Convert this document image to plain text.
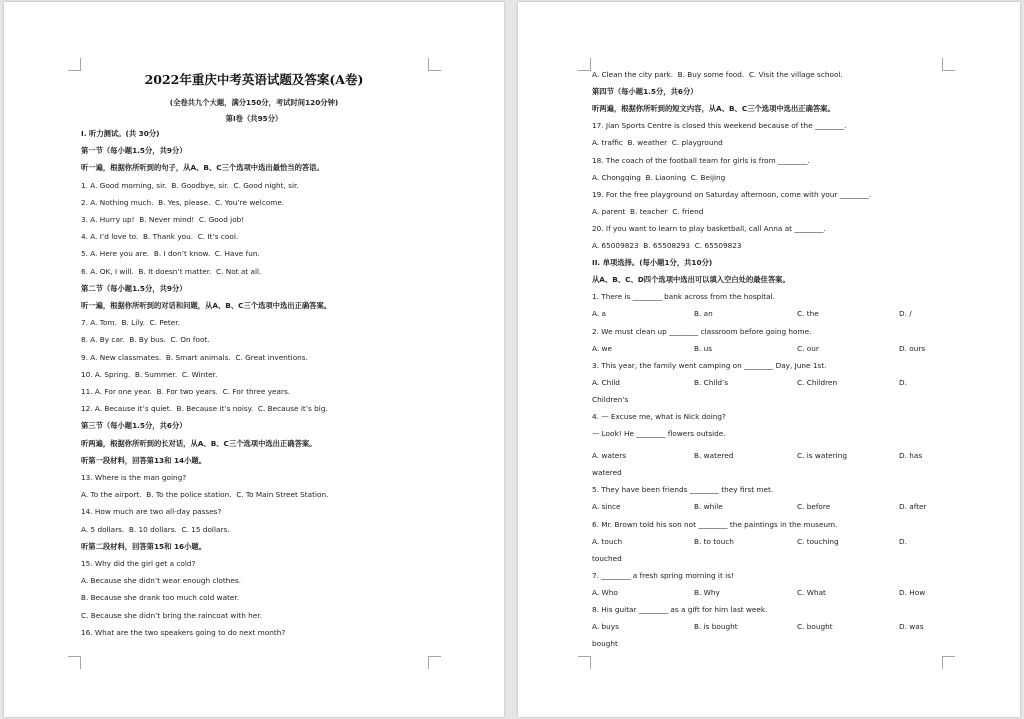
2022年重庆中考英语试题及答案(A卷)
(全卷共九个大题，满分150分，考试时间120分钟)
第I卷（共95分）
I. 听力测试。(共 30分)
第一节（每小题1.5分，共9分）
听一遍，根据你所听到的句子，从A、B、C三个选项中选出最恰当的答语。
1. A. Good morning, sir.  B. Goodbye, sir.  C. Good night, sir.
2. A. Nothing much.  B. Yes, please.  C. You’re welcome.
3. A. Hurry up!  B. Never mind!  C. Good job!
4. A. I’d love to.  B. Thank you.  C. It’s cool.
5. A. Here you are.  B. I don’t know.  C. Have fun.
6. A. OK, I will.  B. It doesn’t matter.  C. Not at all.
第二节（每小题1.5分，共9分）
听一遍，根据你所听到的对话和问题，从A、B、C三个选项中选出正确答案。
7. A. Tom.  B. Lily.  C. Peter.
8. A. By car.  B. By bus.  C. On foot.
9. A. New classmates.  B. Smart animals.  C. Great inventions.
10. A. Spring.  B. Summer.  C. Winter.
11. A. For one year.  B. For two years.  C. For three years.
12. A. Because it’s quiet.  B. Because it’s noisy.  C. Because it’s big.
第三节（每小题1.5分，共6分）
听两遍，根据你所听到的长对话，从A、B、C三个选项中选出正确答案。
听第一段材料，回答第13和 14小题。
13. Where is the man going?
A. To the airport.  B. To the police station.  C. To Main Street Station.
14. How much are two all-day passes?
A. 5 dollars.  B. 10 dollars.  C. 15 dollars.
听第二段材料，回答第15和 16小题。
15. Why did the girl get a cold?
A. Because she didn’t wear enough clothes.
B. Because she drank too much cold water.
C. Because she didn’t bring the raincoat with her.
16. What are the two speakers going to do next month?
A. Clean the city park.  B. Buy some food.  C. Visit the village school.
第四节（每小题1.5分，共6分）
听两遍，根据你所听到的短文内容，从A、B、C三个选项中选出正确答案。
17. Jian Sports Centre is closed this weekend because of the ________.
A. traffic  B. weather  C. playground
18. The coach of the football team for girls is from ________.
A. Chongqing  B. Liaoning  C. Beijing
19. For the free playground on Saturday afternoon, come with your ________.
A. parent  B. teacher  C. friend
20. If you want to learn to play basketball, call Anna at ________.
A. 65009823  B. 65508293  C. 65509823
II. 单项选择。(每小题1分，共10分)
从A、B、C、D四个选项中选出可以填入空白处的最佳答案。
1. There is ________ bank across from the hospital.
A. a	B. an	C. the	D. /
2. We must clean up ________ classroom before going home.
A. we	B. us	C. our	D. ours
3. This year, the family went camping on ________ Day, June 1st.
A. Child	B. Child’s	C. Children	D.
Children’s
4. — Excuse me, what is Nick doing?
— Look! He ________ flowers outside.
A. waters	B. watered	C. is watering	D. has
watered
5. They have been friends ________ they first met.
A. since	B. while	C. before	D. after
6. Mr. Brown told his son not ________ the paintings in the museum.
A. touch	B. to touch	C. touching	D.
touched
7. ________ a fresh spring morning it is!
A. Who	B. Why	C. What	D. How
8. His guitar ________ as a gift for him last week.
A. buys	B. is bought	C. bought	D. was
bought
